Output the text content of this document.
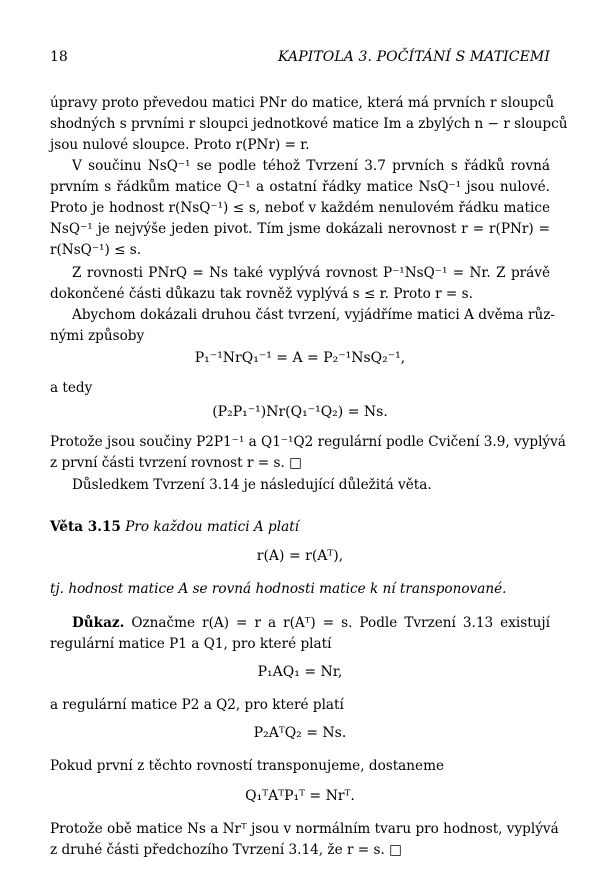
18	KAPITOLA 3. POČÍTÁNÍ S MATICEMI
úpravy proto převedou matici PNr do matice, která má prvních r sloupců
shodných s prvními r sloupci jednotkové matice Im a zbylých n − r sloupců
jsou nulové sloupce. Proto r(PNr) = r.
V součinu NsQ⁻¹ se podle téhož Tvrzení 3.7 prvních s řádků rovná
prvním s řádkům matice Q⁻¹ a ostatní řádky matice NsQ⁻¹ jsou nulové.
Proto je hodnost r(NsQ⁻¹) ≤ s, neboť v každém nenulovém řádku matice
NsQ⁻¹ je nejvýše jeden pivot. Tím jsme dokázali nerovnost r = r(PNr) =
r(NsQ⁻¹) ≤ s.
Z rovnosti PNrQ = Ns také vyplývá rovnost P⁻¹NsQ⁻¹ = Nr. Z právě
dokončené části důkazu tak rovněž vyplývá s ≤ r. Proto r = s.
Abychom dokázali druhou část tvrzení, vyjádříme matici A dvěma růz-
nými způsoby
P₁⁻¹NrQ₁⁻¹ = A = P₂⁻¹NsQ₂⁻¹,
a tedy
(P₂P₁⁻¹)Nr(Q₁⁻¹Q₂) = Ns.
Protože jsou součiny P2P1⁻¹ a Q1⁻¹Q2 regulární podle Cvičení 3.9, vyplývá
z první části tvrzení rovnost r = s. □
Důsledkem Tvrzení 3.14 je následující důležitá věta.
Věta 3.15 Pro každou matici A platí
r(A) = r(Aᵀ),
tj. hodnost matice A se rovná hodnosti matice k ní transponované.
Důkaz. Označme r(A) = r a r(Aᵀ) = s. Podle Tvrzení 3.13 existují
regulární matice P1 a Q1, pro které platí
P₁AQ₁ = Nr,
a regulární matice P2 a Q2, pro které platí
P₂AᵀQ₂ = Ns.
Pokud první z těchto rovností transponujeme, dostaneme
Q₁ᵀAᵀP₁ᵀ = Nrᵀ.
Protože obě matice Ns a Nrᵀ jsou v normálním tvaru pro hodnost, vyplývá
z druhé části předchozího Tvrzení 3.14, že r = s. □
